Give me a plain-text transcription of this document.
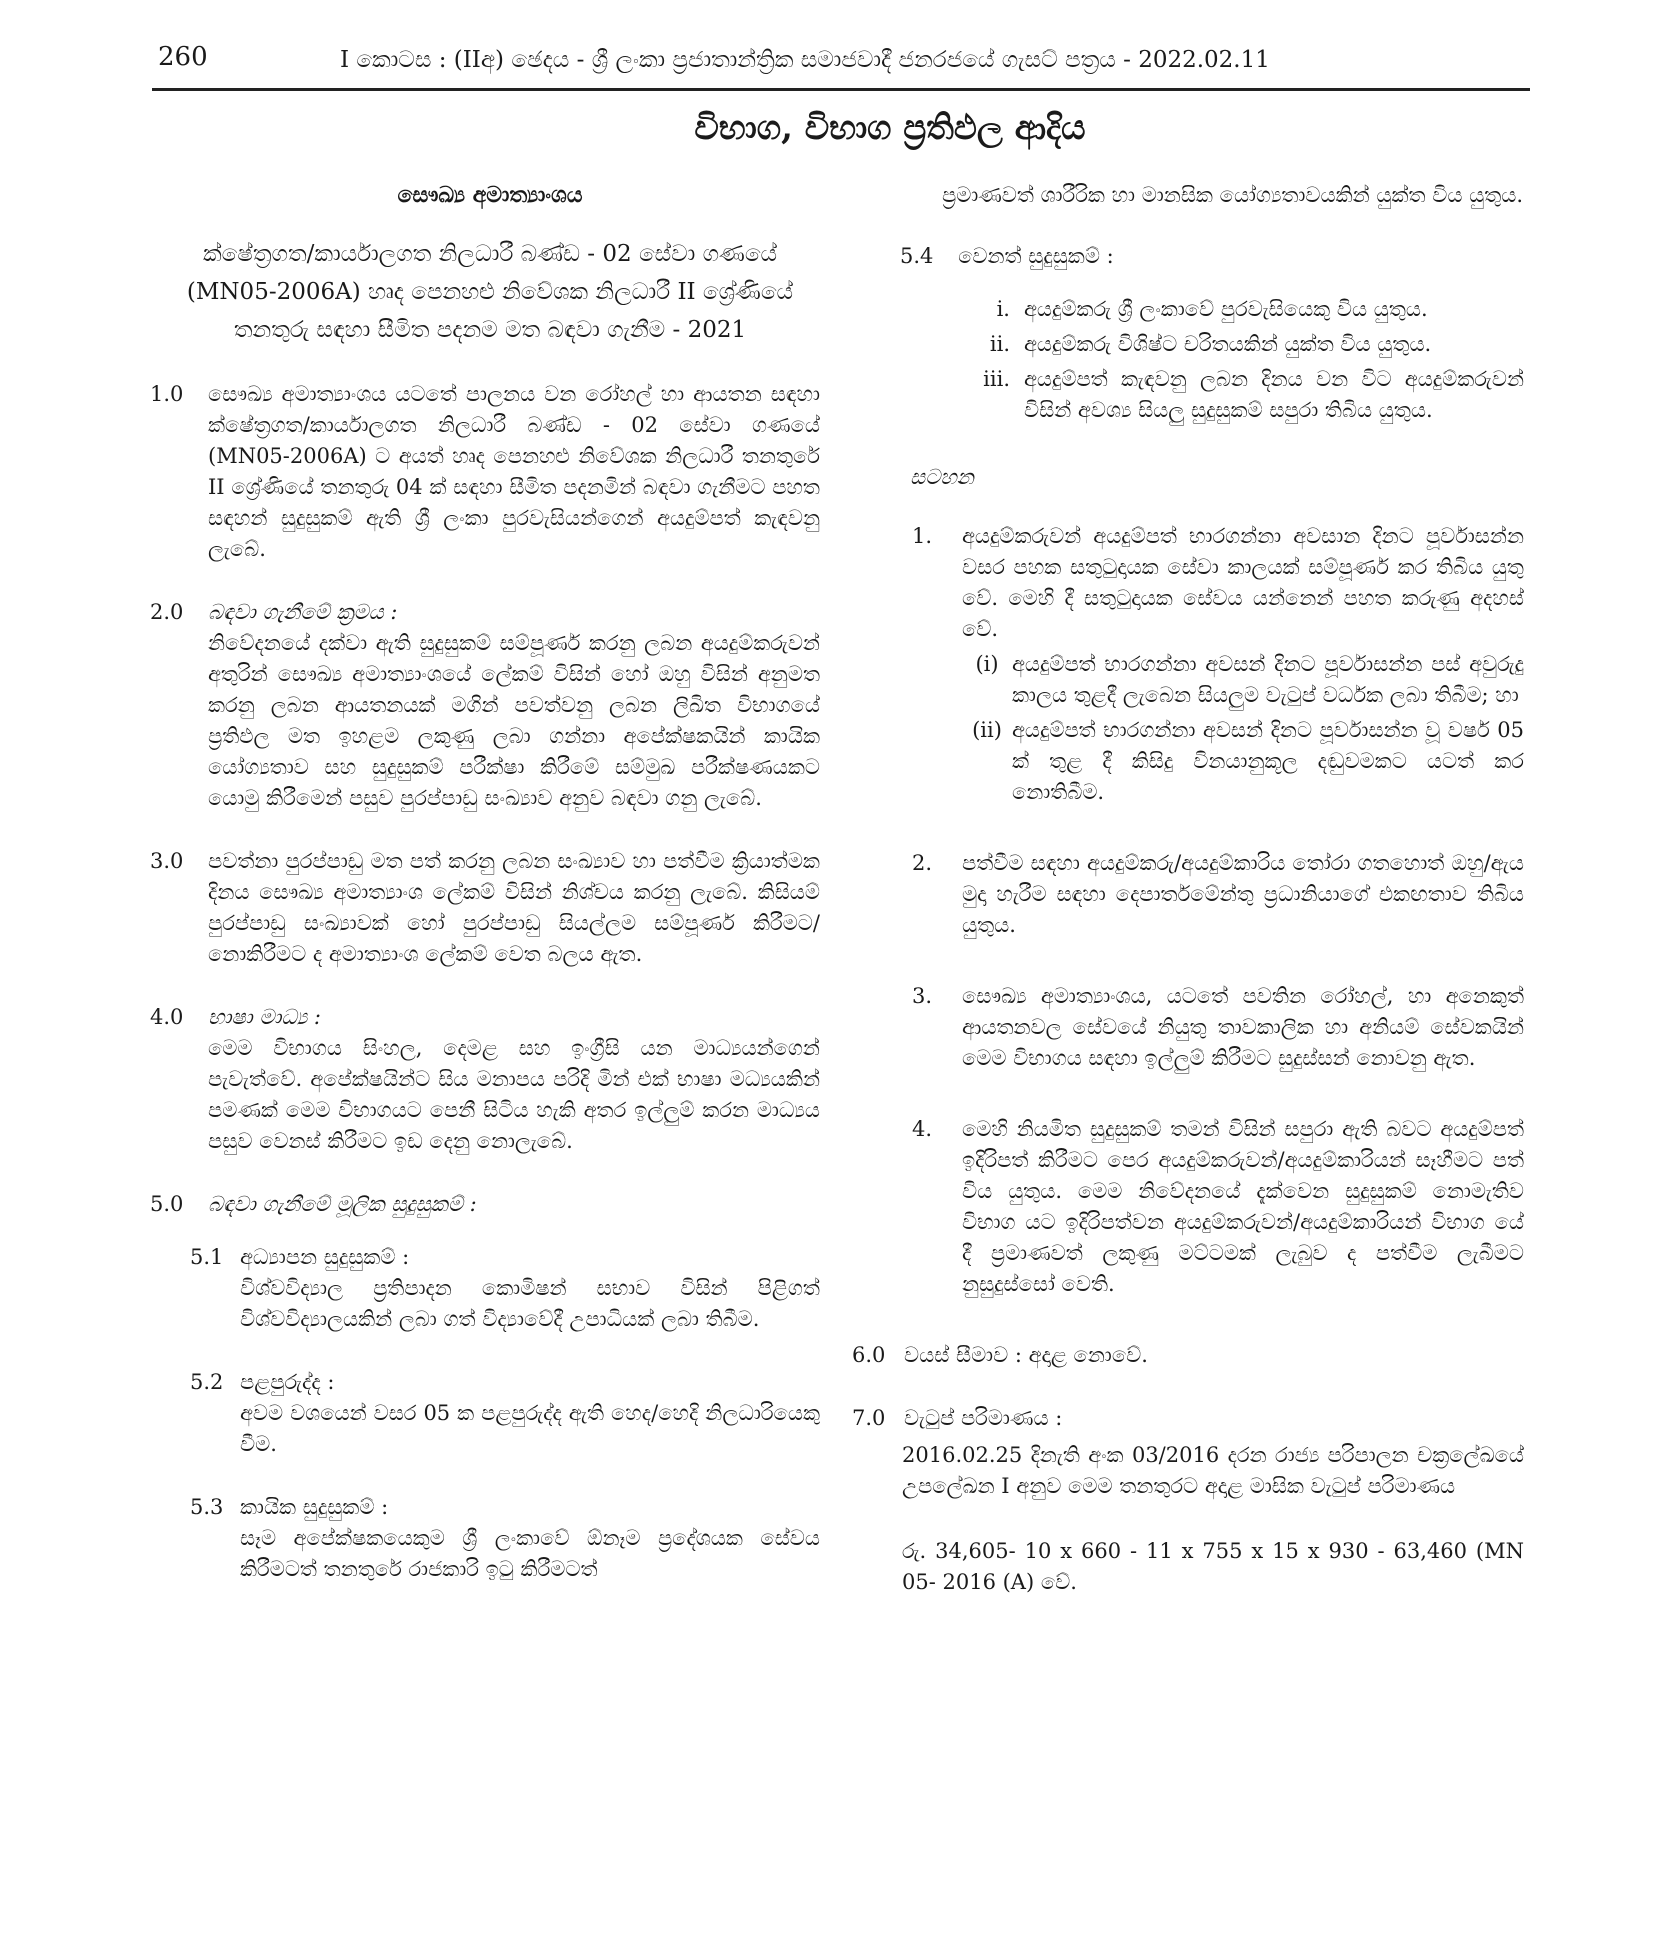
260	I කොටස : (IIඅ) ඡෙදය - ශ්‍රී ලංකා ප්‍රජාතාන්ත්‍රික සමාජවාදී ජනරජයේ ගැසට් පත්‍රය - 2022.02.11
විභාග, විභාග ප්‍රතිඵල ආදිය
සෞඛ්‍ය අමාත්‍යාංශය
ක්ෂේත්‍රගත/කාර්යාලගත නිලධාරී බණ්ඩ - 02 සේවා ගණයේ (MN05-2006A) හෘද පෙනහළු නිවේශක නිලධාරී II ශ්‍රේණියේ තනතුරු සඳහා සීමිත පදනම මත බඳවා ගැනීම - 2021
1.0	සෞඛ්‍ය අමාත්‍යාංශය යටතේ පාලනය වන රෝහල් හා ආයතන සඳහා ක්ෂේත්‍රගත/කාර්යාලගත නිලධාරී බණ්ඩ - 02 සේවා ගණයේ (MN05-2006A) ට අයත් හෘද පෙනහළු නිවේශක නිලධාරී තනතුරේ II ශ්‍රේණියේ තනතුරු 04 ක් සඳහා සීමිත පදනමින් බඳවා ගැනීමට පහත සඳහන් සුදුසුකම් ඇති ශ්‍රී ලංකා පුරවැසියන්ගෙන් අයදුම්පත් කැඳවනු ලැබේ.
2.0	බඳවා ගැනීමේ ක්‍රමය :
නිවේදනයේ දක්වා ඇති සුදුසුකම් සම්පූර්ණ කරනු ලබන අයදුම්කරුවන් අතුරින් සෞඛ්‍ය අමාත්‍යාංශයේ ලේකම් විසින් හෝ ඔහු විසින් අනුමත කරනු ලබන ආයතනයක් මගින් පවත්වනු ලබන ලිඛිත විභාගයේ ප්‍රතිඵල මත ඉහළම ලකුණු ලබා ගන්නා අපේක්ෂකයින් කායික යෝග්‍යතාව සහ සුදුසුකම් පරීක්ෂා කිරීමේ සම්මුඛ පරීක්ෂණයකට යොමු කිරීමෙන් පසුව පුරප්පාඩු සංඛ්‍යාව අනුව බඳවා ගනු ලැබේ.
3.0	පවත්නා පුරප්පාඩු මත පත් කරනු ලබන සංඛ්‍යාව හා පත්වීම ක්‍රියාත්මක දිනය සෞඛ්‍ය අමාත්‍යාංශ ලේකම් විසින් නිශ්චය කරනු ලැබේ. කිසියම් පුරප්පාඩු සංඛ්‍යාවක් හෝ පුරප්පාඩු සියල්ලම සම්පූර්ණ කිරීමට/නොකිරීමට ද අමාත්‍යාංශ ලේකම් වෙත බලය ඇත.
4.0	භාෂා මාධ්‍ය :
මෙම විභාගය සිංහල, දෙමළ සහ ඉංග්‍රීසි යන මාධ්‍යයන්ගෙන් පැවැත්වේ. අපේක්ෂයින්ට සිය මනාපය පරිදි මින් එක් භාෂා මධ්‍යයකින් පමණක් මෙම විභාගයට පෙනී සිටිය හැකි අතර ඉල්ලුම් කරන මාධ්‍යය පසුව වෙනස් කිරීමට ඉඩ දෙනු නොලැබේ.
5.0	බඳවා ගැනීමේ මූලික සුදුසුකම් :
5.1 අධ්‍යාපන සුදුසුකම් :
විශ්වවිද්‍යාල ප්‍රතිපාදන කොමිෂන් සභාව විසින් පිළිගත් විශ්වවිද්‍යාලයකින් ලබා ගත් විද්‍යාවේදී උපාධියක් ලබා තිබීම.
5.2 පළපුරුද්ද :
අවම වශයෙන් වසර 05 ක පළපුරුද්ද ඇති හෙද/හෙදි නිලධාරියෙකු වීම.
5.3 කායික සුදුසුකම් :
සෑම අපේක්ෂකයෙකුම ශ්‍රී ලංකාවේ ඕනෑම ප්‍රදේශයක සේවය කිරීමටත් තනතුරේ රාජකාරි ඉටු කිරීමටත්
ප්‍රමාණවත් ශාරීරික හා මානසික යෝග්‍යතාවයකින් යුක්ත විය යුතුය.
5.4 වෙනත් සුදුසුකම් :
i. අයදුම්කරු ශ්‍රී ලංකාවේ පුරවැසියෙකු විය යුතුය.
ii. අයදුම්කරු විශිෂ්ට චරිතයකින් යුක්ත විය යුතුය.
iii. අයදුම්පත් කැඳවනු ලබන දිනය වන විට අයදුම්කරුවන් විසින් අවශ්‍ය සියලු සුදුසුකම් සපුරා තිබිය යුතුය.
සටහන
1.	අයදුම්කරුවන් අයදුම්පත් භාරගන්නා අවසාන දිනට පූර්වාසන්න වසර පහක සතුටුදායක සේවා කාලයක් සම්පූර්ණ කර තිබිය යුතු වේ. මෙහි දී සතුටුදායක සේවය යන්නෙන් පහත කරුණු අදහස් වේ.
(i) අයදුම්පත් භාරගන්නා අවසන් දිනට පූර්වාසන්න පස් අවුරුදු කාලය තුළදී ලැබෙන සියලුම වැටුප් වර්ධක ලබා තිබීම; හා
(ii) අයදුම්පත් භාරගන්නා අවසන් දිනට පූර්වාසන්න වූ වර්ෂ 05 ක් තුළ දී කිසිදු විනයානුකූල දඬුවමකට යටත් කර නොතිබීම.
2.	පත්වීම සඳහා අයදුම්කරු/අයදුම්කාරිය තෝරා ගතහොත් ඔහු/ඇය මුදා හැරීම සඳහා දෙපාර්තමේන්තු ප්‍රධානියාගේ එකඟතාව තිබිය යුතුය.
3.	සෞඛ්‍ය අමාත්‍යාංශය, යටතේ පවතින රෝහල්, හා අනෙකුත් ආයතනවල සේවයේ නියුතු තාවකාලික හා අනියම් සේවකයින් මෙම විභාගය සඳහා ඉල්ලුම් කිරීමට සුදුස්සන් නොවනු ඇත.
4.	මෙහි නියමිත සුදුසුකම් තමන් විසින් සපුරා ඇති බවට අයදුම්පත් ඉදිරිපත් කිරීමට පෙර අයදුම්කරුවන්/අයදුම්කාරියන් සෑහීමට පත් විය යුතුය. මෙම නිවේදනයේ දැක්වෙන සුදුසුකම් නොමැතිව විභාග යට ඉදිරිපත්වන අයදුම්කරුවන්/අයදුම්කාරියන් විභාග යේ දී ප්‍රමාණවත් ලකුණු මට්ටමක් ලැබුව ද පත්වීම ලැබීමට නුසුදුස්සෝ වෙති.
6.0 වයස් සීමාව : අදාළ නොවේ.
7.0 වැටුප් පරිමාණය :
2016.02.25 දිනැති අංක 03/2016 දරන රාජ්‍ය පරිපාලන චක්‍රලේඛයේ උපලේඛන I අනුව මෙම තනතුරට අදාළ මාසික වැටුප් පරිමාණය
රු. 34,605- 10 x 660 - 11 x 755 x 15 x 930 - 63,460 (MN 05- 2016 (A) වේ.
